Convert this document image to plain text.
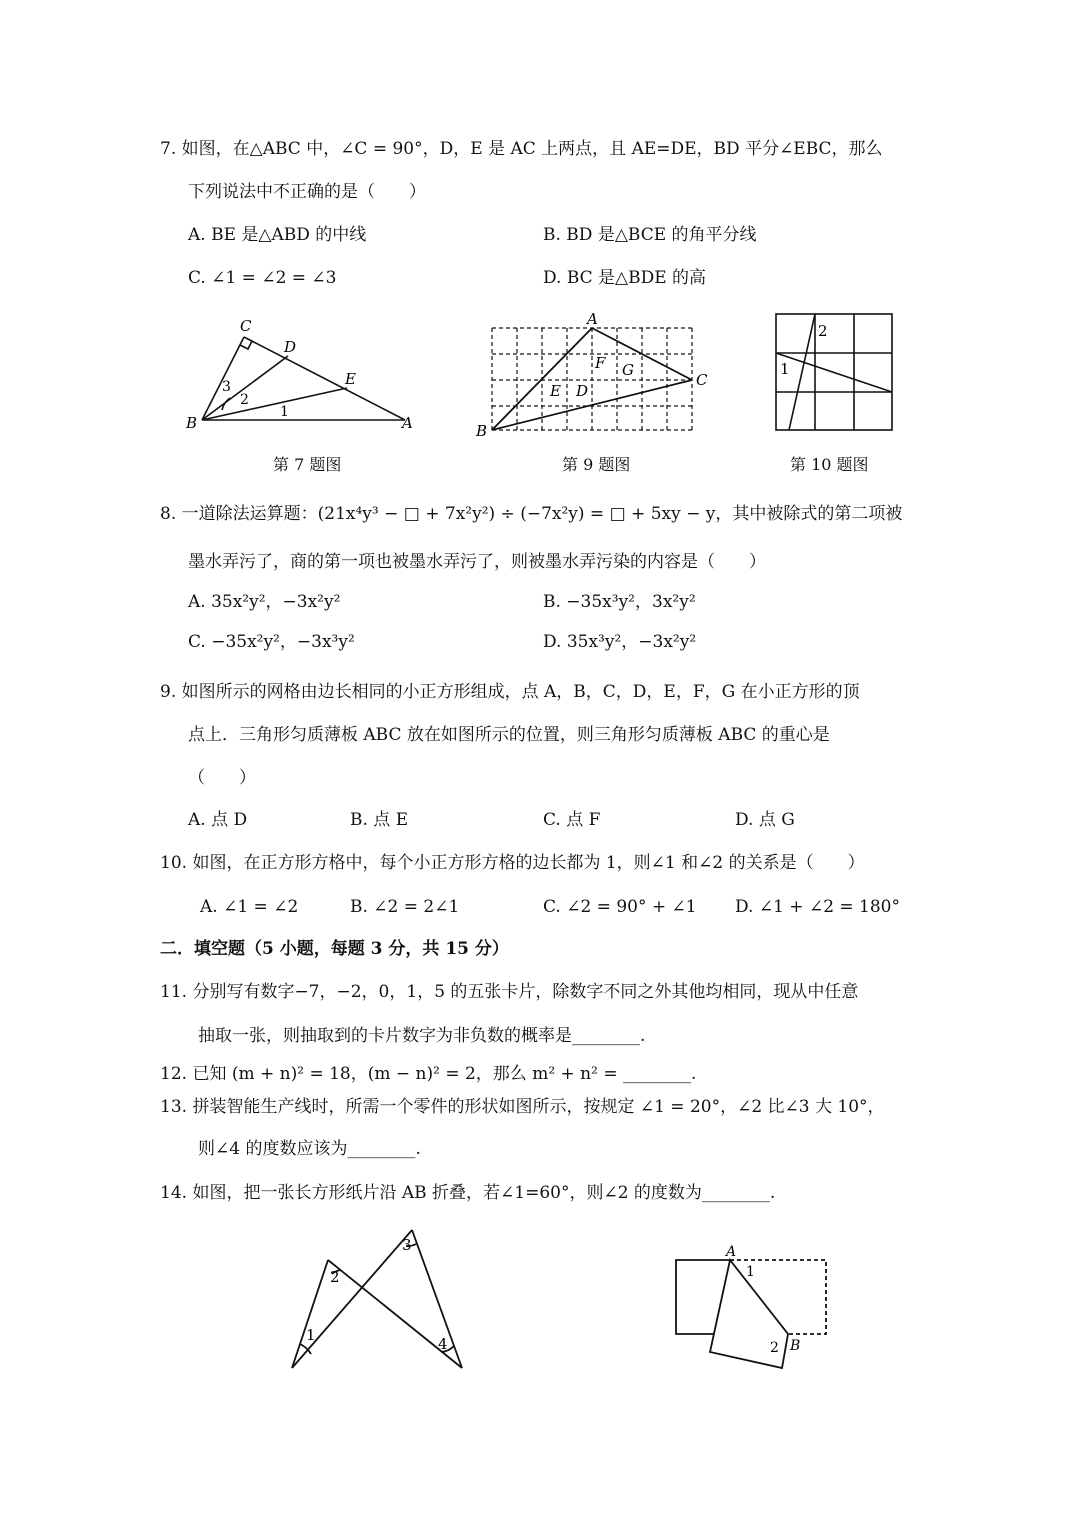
7. 如图，在△ABC 中，∠C = 90°，D，E 是 AC 上两点，且 AE=DE，BD 平分∠EBC，那么
下列说法中不正确的是（　　）
A. BE 是△ABD 的中线	B. BD 是△BCE 的角平分线
C. ∠1 = ∠2 = ∠3	D. BC 是△BDE 的高
C
D
E
3
2
1
B	A
第 7 题图
A
F G
E D
C
B
第 9 题图
2
1
第 10 题图
8. 一道除法运算题：(21x⁴y³ − □ + 7x²y²) ÷ (−7x²y) = □ + 5xy − y，其中被除式的第二项被
墨水弄污了，商的第一项也被墨水弄污了，则被墨水弄污染的内容是（　　）
A. 35x²y²，−3x²y²	B. −35x³y²，3x²y²
C. −35x²y²，−3x³y²	D. 35x³y²，−3x²y²
9. 如图所示的网格由边长相同的小正方形组成，点 A，B，C，D，E，F，G 在小正方形的顶
点上．三角形匀质薄板 ABC 放在如图所示的位置，则三角形匀质薄板 ABC 的重心是
（　　）
A. 点 D	B. 点 E	C. 点 F	D. 点 G
10. 如图，在正方形方格中，每个小正方形方格的边长都为 1，则∠1 和∠2 的关系是（　　）
A. ∠1 = ∠2	B. ∠2 = 2∠1	C. ∠2 = 90° + ∠1 D. ∠1 + ∠2 = 180°
二．填空题（5 小题，每题 3 分，共 15 分）
11. 分别写有数字−7，−2，0，1，5 的五张卡片，除数字不同之外其他均相同，现从中任意
抽取一张，则抽取到的卡片数字为非负数的概率是________.
12. 已知 (m + n)² = 18，(m − n)² = 2，那么 m² + n² = ________.
13. 拼装智能生产线时，所需一个零件的形状如图所示，按规定 ∠1 = 20°，∠2 比∠3 大 10°，
则∠4 的度数应该为________.
14. 如图，把一张长方形纸片沿 AB 折叠，若∠1=60°，则∠2 的度数为________.
3
2
1	4
A
1
2 B
